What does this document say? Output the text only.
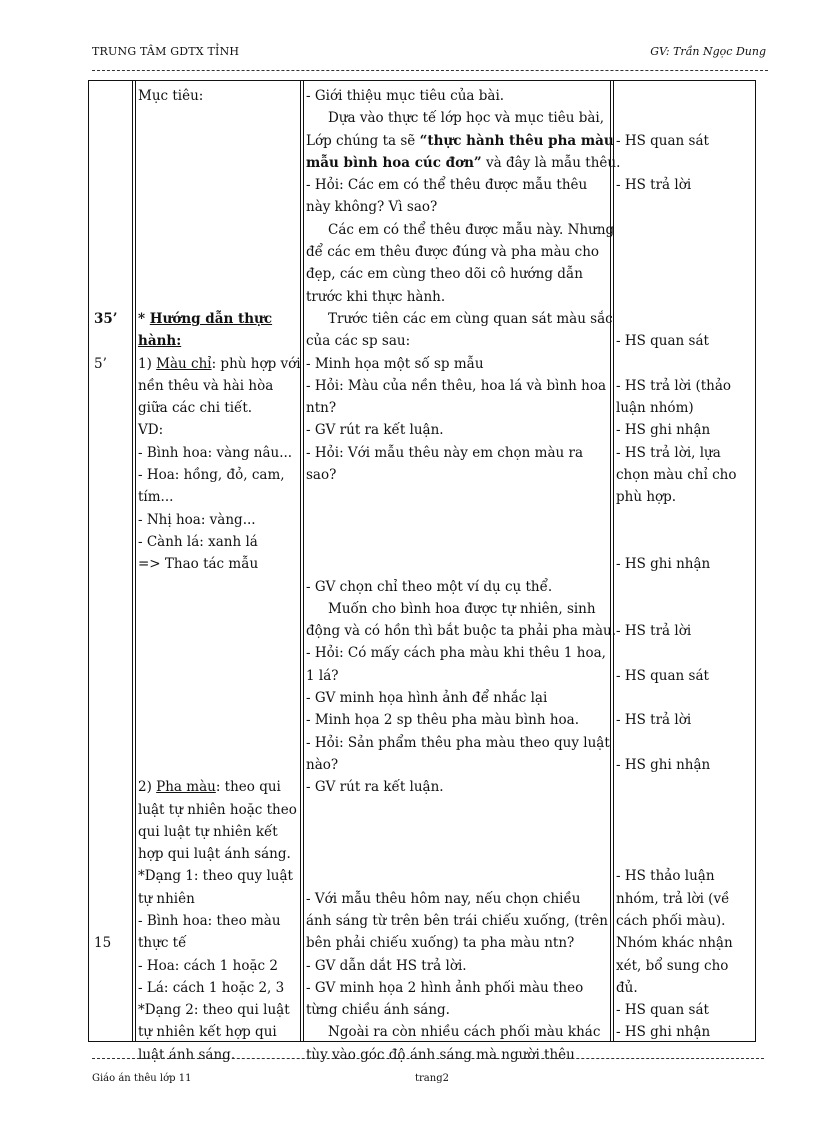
TRUNG TÂM GDTX TỈNH	GV: Trần Ngọc Dung
35’
5’
15
Mục tiêu:
* Hướng dẫn thực
hành:
1) Màu chỉ: phù hợp với
nền thêu và hài hòa
giữa các chi tiết.
VD:
- Bình hoa: vàng nâu...
- Hoa: hồng, đỏ, cam,
tím...
- Nhị hoa: vàng...
- Cành lá: xanh lá
=> Thao tác mẫu
2) Pha màu: theo qui
luật tự nhiên hoặc theo
qui luật tự nhiên kết
hợp qui luật ánh sáng.
*Dạng 1: theo quy luật
tự nhiên
- Bình hoa: theo màu
thực tế
- Hoa: cách 1 hoặc 2
- Lá: cách 1 hoặc 2, 3
*Dạng 2: theo qui luật
tự nhiên kết hợp qui
luật ánh sáng.
- Giới thiệu mục tiêu của bài.
Dựa vào thực tế lớp học và mục tiêu bài,
Lớp chúng ta sẽ “thực hành thêu pha màu
mẫu bình hoa cúc đơn” và đây là mẫu thêu.
- Hỏi: Các em có thể thêu được mẫu thêu
này không? Vì sao?
Các em có thể thêu được mẫu này. Nhưng
để các em thêu được đúng và pha màu cho
đẹp, các em cùng theo dõi cô hướng dẫn
trước khi thực hành.
Trước tiên các em cùng quan sát màu sắc
của các sp sau:
- Minh họa một số sp mẫu
- Hỏi: Màu của nền thêu, hoa lá và bình hoa
ntn?
- GV rút ra kết luận.
- Hỏi: Với mẫu thêu này em chọn màu ra
sao?
- GV chọn chỉ theo một ví dụ cụ thể.
Muốn cho bình hoa được tự nhiên, sinh
động và có hồn thì bắt buộc ta phải pha màu.
- Hỏi: Có mấy cách pha màu khi thêu 1 hoa,
1 lá?
- GV minh họa hình ảnh để nhắc lại
- Minh họa 2 sp thêu pha màu bình hoa.
- Hỏi: Sản phẩm thêu pha màu theo quy luật
nào?
- GV rút ra kết luận.
- Với mẫu thêu hôm nay, nếu chọn chiều
ánh sáng từ trên bên trái chiếu xuống, (trên
bên phải chiếu xuống) ta pha màu ntn?
- GV dẫn dắt HS trả lời.
- GV minh họa 2 hình ảnh phối màu theo
từng chiều ánh sáng.
Ngoài ra còn nhiều cách phối màu khác
tùy vào góc độ ánh sáng mà người thêu
- HS quan sát
- HS trả lời
- HS quan sát
- HS trả lời (thảo
luận nhóm)
- HS ghi nhận
- HS trả lời, lựa
chọn màu chỉ cho
phù hợp.
- HS ghi nhận
- HS trả lời
- HS quan sát
- HS trả lời
- HS ghi nhận
- HS thảo luận
nhóm, trả lời (về
cách phối màu).
Nhóm khác nhận
xét, bổ sung cho
đủ.
- HS quan sát
- HS ghi nhận
Giáo án thêu lớp 11	trang2
